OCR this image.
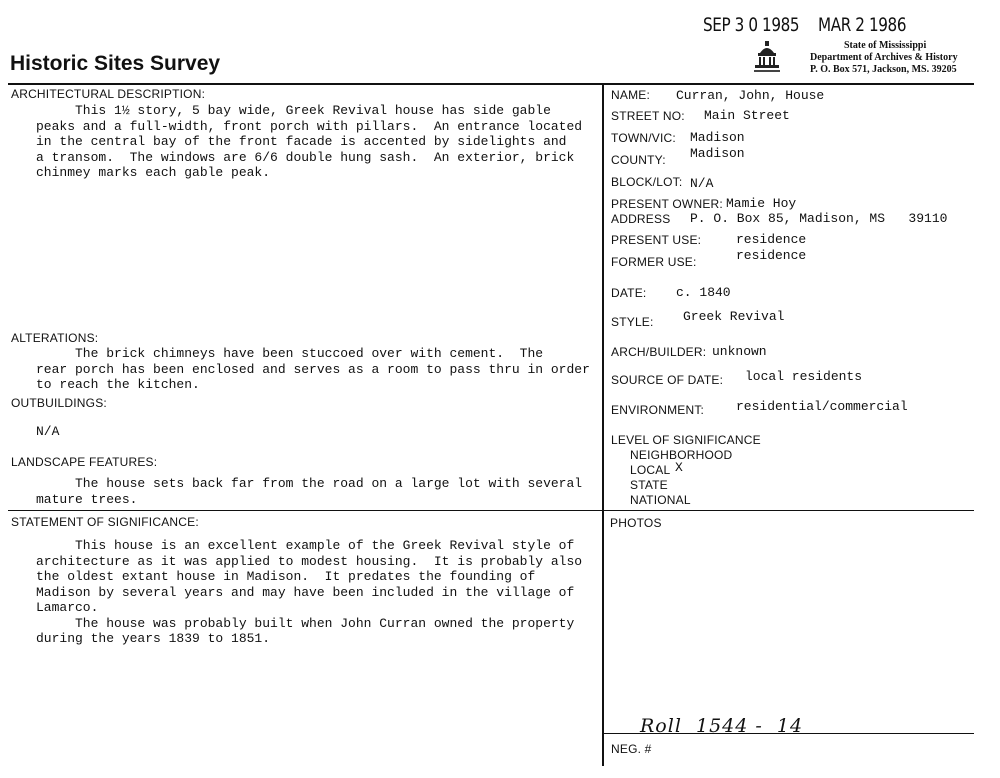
Historic Sites Survey
SEP 3 0 1985 MAR 2 1986
State of Mississippi
Department of Archives & History
P. O. Box 571, Jackson, MS. 39205
ARCHITECTURAL DESCRIPTION:
This 1½ story, 5 bay wide, Greek Revival house has side gable
peaks and a full-width, front porch with pillars.  An entrance located
in the central bay of the front facade is accented by sidelights and
a transom.  The windows are 6/6 double hung sash.  An exterior, brick
chinmey marks each gable peak.
ALTERATIONS:
The brick chimneys have been stuccoed over with cement.  The
rear porch has been enclosed and serves as a room to pass thru in order
to reach the kitchen.
OUTBUILDINGS:
N/A
LANDSCAPE FEATURES:
The house sets back far from the road on a large lot with several
mature trees.
STATEMENT OF SIGNIFICANCE:
This house is an excellent example of the Greek Revival style of
architecture as it was applied to modest housing.  It is probably also
the oldest extant house in Madison.  It predates the founding of
Madison by several years and may have been included in the village of
Lamarco.
The house was probably built when John Curran owned the property
during the years 1839 to 1851.
NAME: Curran, John, House
STREET NO: Main Street
TOWN/VIC: Madison
COUNTY: Madison
BLOCK/LOT: N/A
PRESENT OWNER: Mamie Hoy
ADDRESS P. O. Box 85, Madison, MS   39110
PRESENT USE:	residence
FORMER USE:	residence
DATE: c. 1840
STYLE: Greek Revival
ARCH/BUILDER: unknown
SOURCE OF DATE: local residents
ENVIRONMENT: residential/commercial
LEVEL OF SIGNIFICANCE
NEIGHBORHOOD
LOCAL X
STATE
NATIONAL
PHOTOS
Roll  1544 -  14
NEG. #
